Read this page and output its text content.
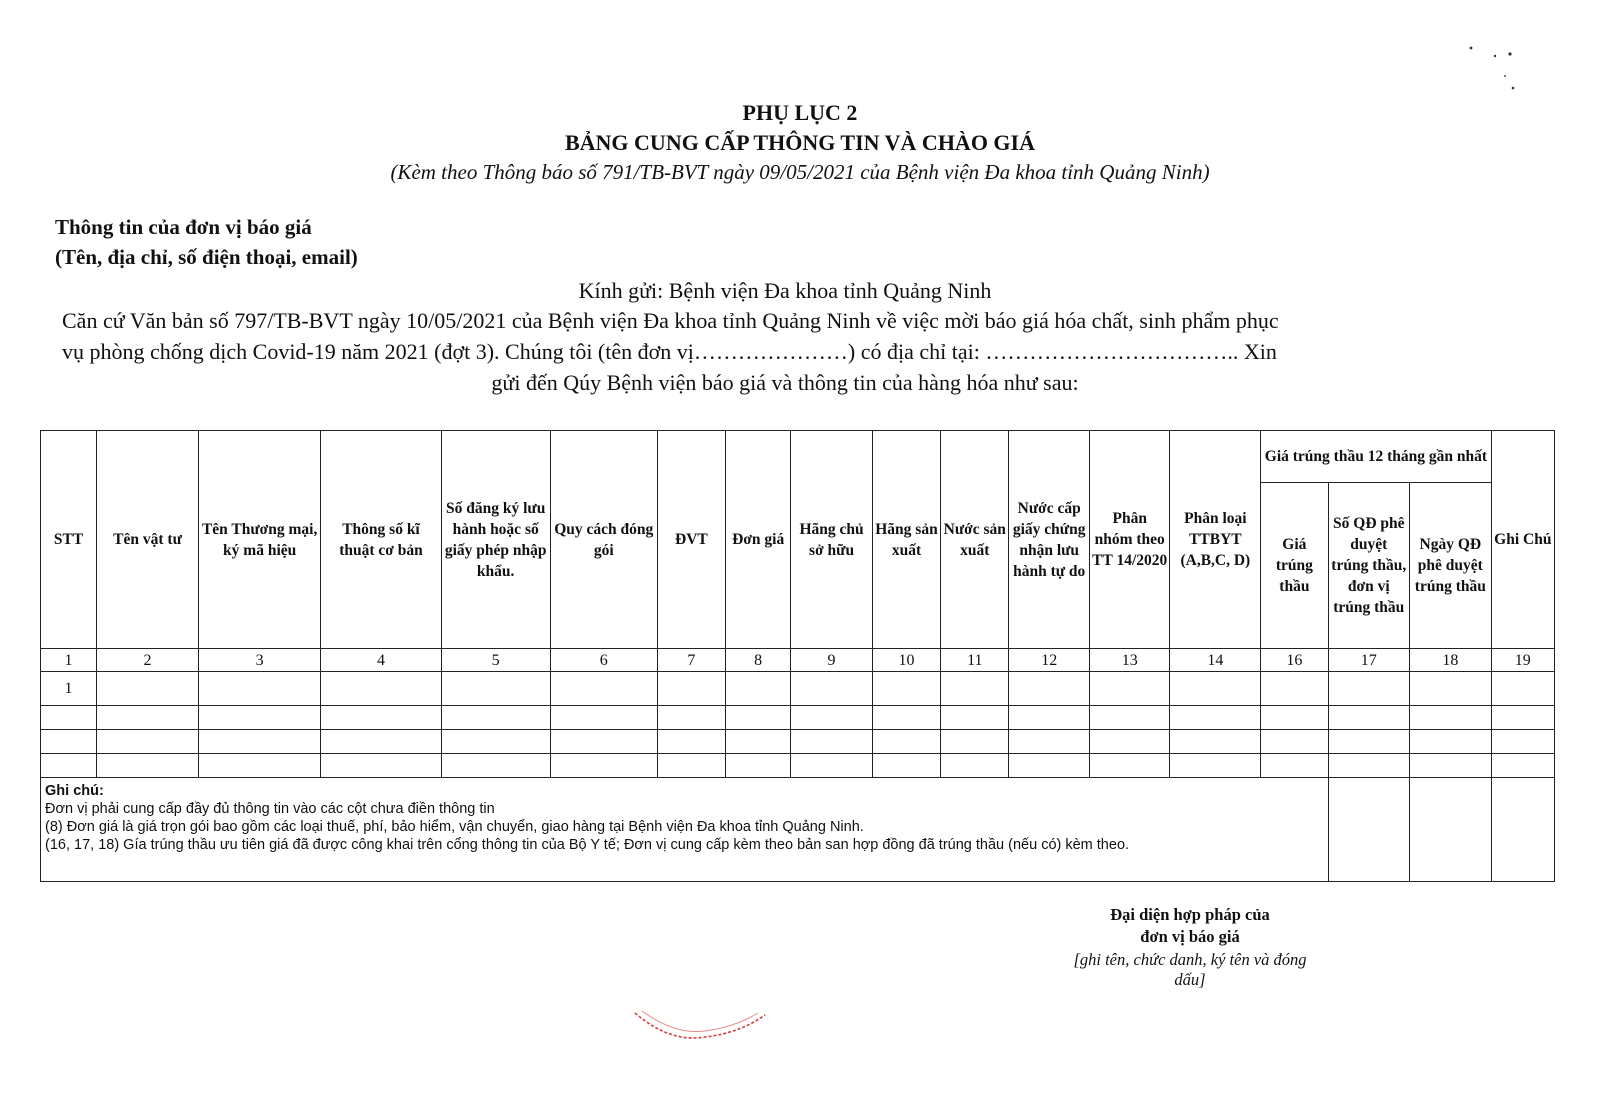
PHỤ LỤC 2
BẢNG CUNG CẤP THÔNG TIN VÀ CHÀO GIÁ
(Kèm theo Thông báo số 791/TB-BVT ngày 09/05/2021 của Bệnh viện Đa khoa tỉnh Quảng Ninh)
Thông tin của đơn vị báo giá
(Tên, địa chỉ, số điện thoại, email)
Kính gửi: Bệnh viện Đa khoa tỉnh Quảng Ninh
Căn cứ Văn bản số 797/TB-BVT ngày 10/05/2021 của Bệnh viện Đa khoa tỉnh Quảng Ninh về việc mời báo giá hóa chất, sinh phẩm phục
vụ phòng chống dịch Covid-19 năm 2021 (đợt 3). Chúng tôi (tên đơn vị…………………) có địa chỉ tại: …………………………….. Xin
gửi đến Qúy Bệnh viện báo giá và thông tin của hàng hóa như sau:
STT	Tên vật tư	Tên Thương mại, ký mã hiệu	Thông số kĩ thuật cơ bản	Số đăng ký lưu hành hoặc số giấy phép nhập khẩu.	Quy cách đóng gói	ĐVT	Đơn giá	Hãng chủ sở hữu	Hãng sản xuất	Nước sản xuất	Nước cấp giấy chứng nhận lưu hành tự do	Phân nhóm theo TT 14/2020	Phân loại TTBYT (A,B,C, D)	Giá trúng thầu 12 tháng gần nhất			Ghi Chú
														Giá trúng thầu	Số QĐ phê duyệt trúng thầu, đơn vị trúng thầu	Ngày QĐ phê duyệt trúng thầu	
1	2	3	4	5	6	7	8	9	10	11	12	13	14	16	17	18	19
1																	

Ghi chú:
Đơn vị phải cung cấp đầy đủ thông tin vào các cột chưa điền thông tin
(8) Đơn giá là giá trọn gói bao gồm các loại thuế, phí, bảo hiểm, vận chuyển, giao hàng tại Bệnh viện Đa khoa tỉnh Quảng Ninh.
(16, 17, 18) Gía trúng thầu ưu tiên giá đã được công khai trên cổng thông tin của Bộ Y tế; Đơn vị cung cấp kèm theo bản san hợp đồng đã trúng thầu (nếu có) kèm theo.																	

Đại diện hợp pháp của
đơn vị báo giá
[ghi tên, chức danh, ký tên và đóng
dấu]
